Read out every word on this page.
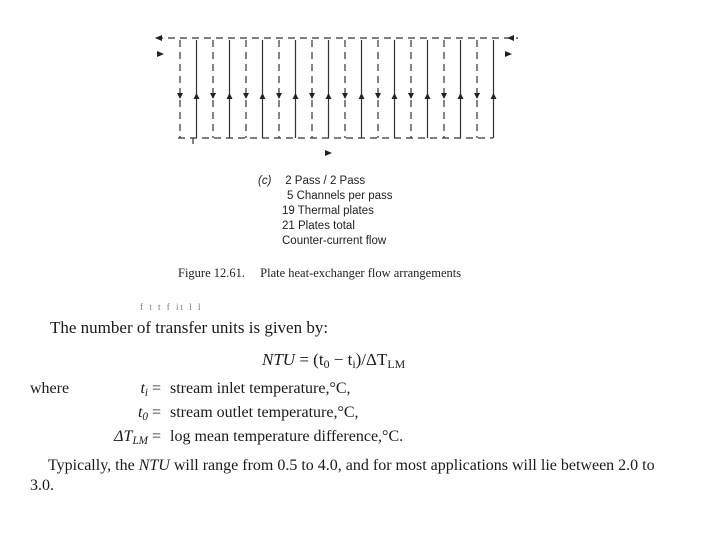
(c) 2 Pass / 2 Pass
5 Channels per pass
19 Thermal plates
21 Plates total
Counter-current flow
Figure 12.61. Plate heat-exchanger flow arrangements
f t t f it l l
The number of transfer units is given by:
NTU = $(t_0 - t_i)/\Delta T_{LM}$
where	$t_i$ = stream inlet temperature,°C,
$t_0$ = stream outlet temperature,°C,
$\Delta T_{LM} = \log$ mean temperature difference,°C.
Typically, the NTU will range from 0.5 to 4.0, and for most applications will lie between 2.0 to 3.0.
